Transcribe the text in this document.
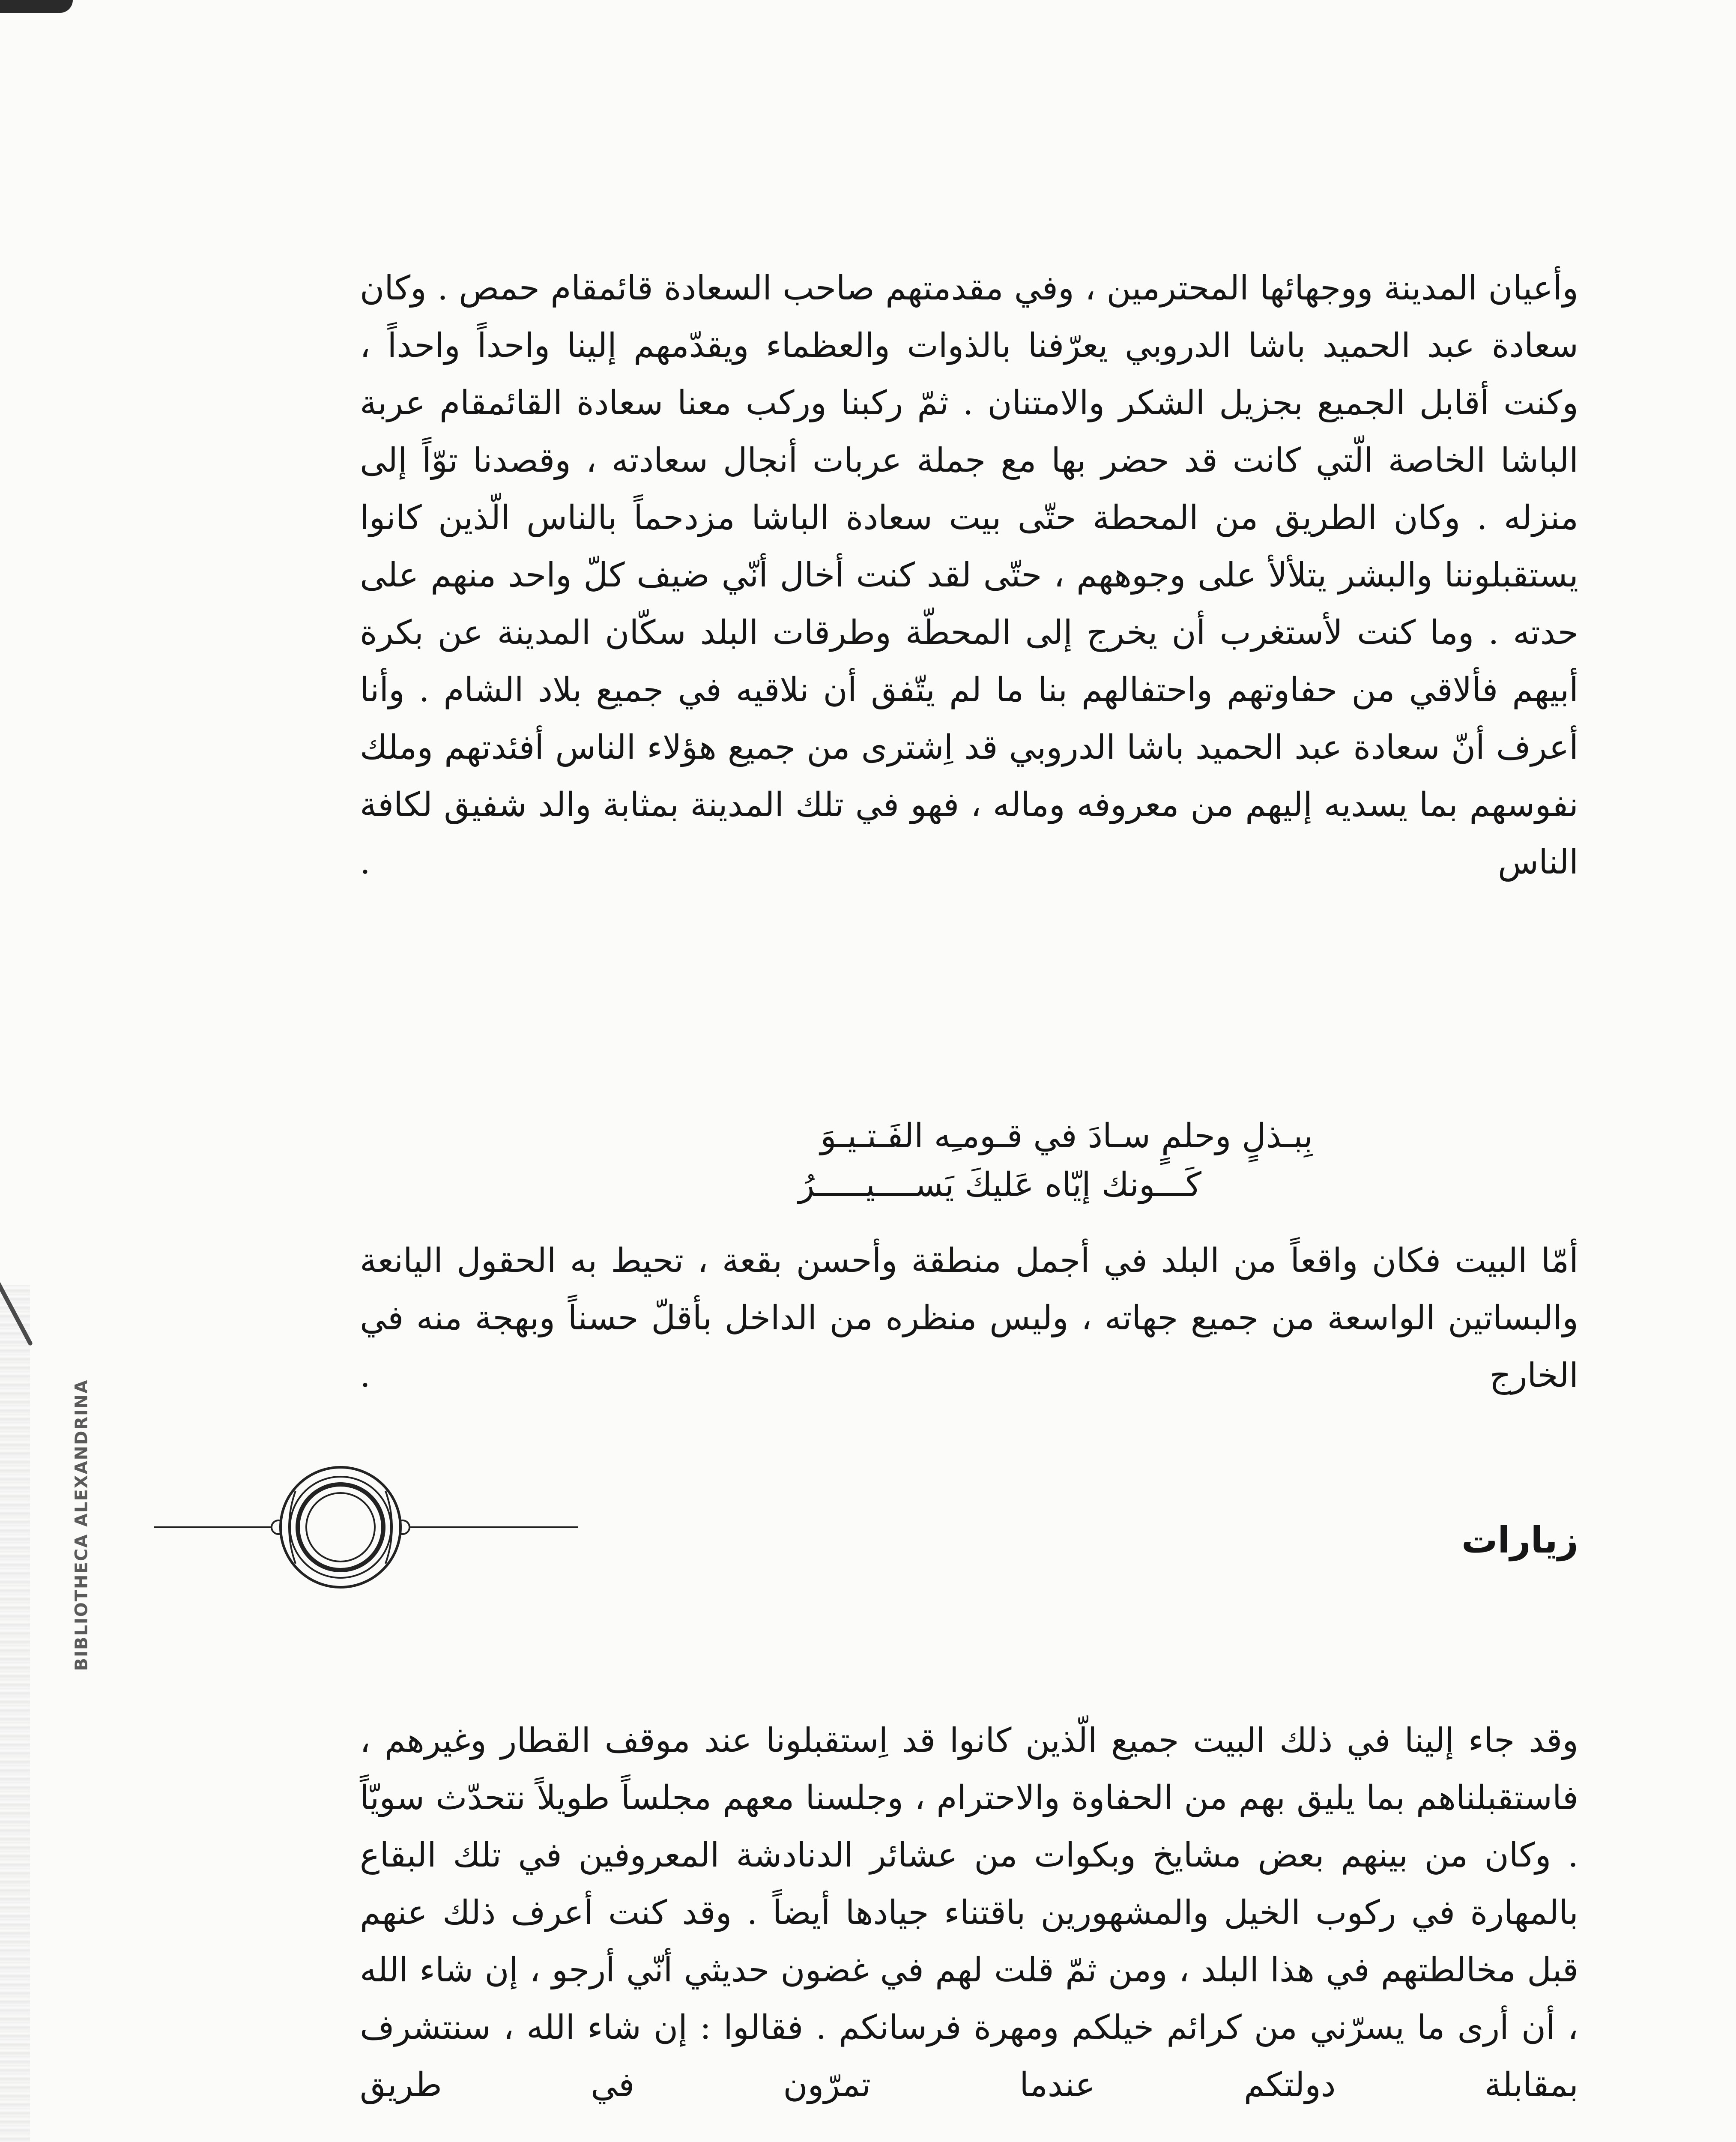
BIBLIOTHECA ALEXANDRINA

وأعيان المدينة ووجهائها المحترمين ، وفي مقدمتهم صاحب السعادة قائمقام حمص . وكان سعادة عبد الحميد باشا الدروبي يعرّفنا بالذوات والعظماء ويقدّمهم إلينا واحداً واحداً ، وكنت أقابل الجميع بجزيل الشكر والامتنان . ثمّ ركبنا وركب معنا سعادة القائمقام عربة الباشا الخاصة الّتي كانت قد حضر بها مع جملة عربات أنجال سعادته ، وقصدنا توّاً إلى منزله . وكان الطريق من المحطة حتّى بيت سعادة الباشا مزدحماً بالناس الّذين كانوا يستقبلوننا والبشر يتلألأ على وجوههم ، حتّى لقد كنت أخال أنّي ضيف كلّ واحد منهم على حدته . وما كنت لأستغرب أن يخرج إلى المحطّة وطرقات البلد سكّان المدينة عن بكرة أبيهم فألاقي من حفاوتهم واحتفالهم بنا ما لم يتّفق أن نلاقيه في جميع بلاد الشام . وأنا أعرف أنّ سعادة عبد الحميد باشا الدروبي قد اِشترى من جميع هؤلاء الناس أفئدتهم وملك نفوسهم بما يسديه إليهم من معروفه وماله ، فهو في تلك المدينة بمثابة والد شفيق لكافة الناس .

بِبـذلٍ وحلمٍ سـادَ في قـومـِه الفَـتـيـوَ
كَـــونك إيّاه عَليكَ يَســــيـــــرُ

أمّا البيت فكان واقعاً من البلد في أجمل منطقة وأحسن بقعة ، تحيط به الحقول اليانعة والبساتين الواسعة من جميع جهاته ، وليس منظره من الداخل بأقلّ حسناً وبهجة منه في الخارج .

زيارات

وقد جاء إلينا في ذلك البيت جميع الّذين كانوا قد اِستقبلونا عند موقف القطار وغيرهم ، فاستقبلناهم بما يليق بهم من الحفاوة والاحترام ، وجلسنا معهم مجلساً طويلاً نتحدّث سويّاً . وكان من بينهم بعض مشايخ وبكوات من عشائر الدنادشة المعروفين في تلك البقاع بالمهارة في ركوب الخيل والمشهورين باقتناء جيادها أيضاً . وقد كنت أعرف ذلك عنهم قبل مخالطتهم في هذا البلد ، ومن ثمّ قلت لهم في غضون حديثي أنّي أرجو ، إن شاء الله ، أن أرى ما يسرّني من كرائم خيلكم ومهرة فرسانكم . فقالوا : إن شاء الله ، سنتشرف بمقابلة دولتكم عندما تمرّون في طريق
